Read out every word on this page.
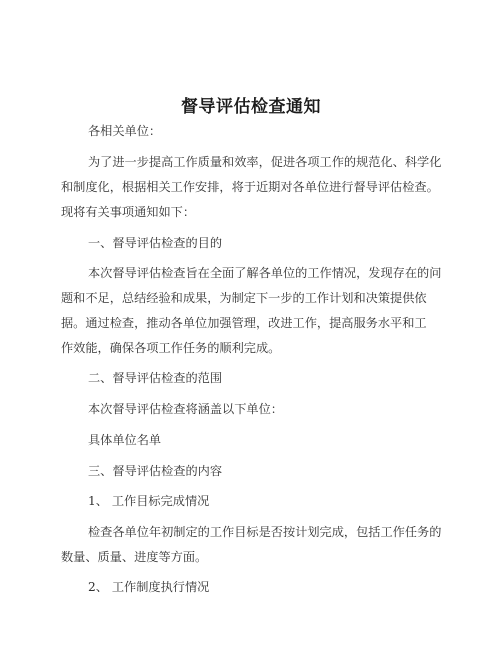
督导评估检查通知
各相关单位：
为了进一步提高工作质量和效率，促进各项工作的规范化、科学化
和制度化，根据相关工作安排，将于近期对各单位进行督导评估检查。
现将有关事项通知如下：
一、督导评估检查的目的
本次督导评估检查旨在全面了解各单位的工作情况，发现存在的问
题和不足，总结经验和成果，为制定下一步的工作计划和决策提供依
据。通过检查，推动各单位加强管理，改进工作，提高服务水平和工
作效能，确保各项工作任务的顺利完成。
二、督导评估检查的范围
本次督导评估检查将涵盖以下单位：
具体单位名单
三、督导评估检查的内容
1、 工作目标完成情况
检查各单位年初制定的工作目标是否按计划完成，包括工作任务的
数量、质量、进度等方面。
2、 工作制度执行情况
